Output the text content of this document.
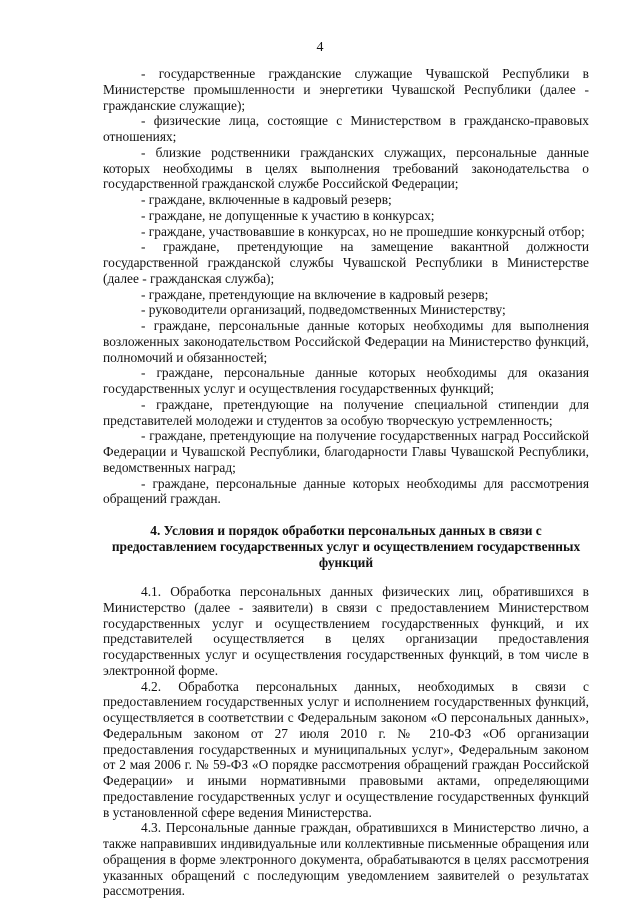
4

- государственные гражданские служащие Чувашской Республики в Министерстве промышленности и энергетики Чувашской Республики (далее - гражданские служащие);

- физические лица, состоящие с Министерством в гражданско-правовых отношениях;

- близкие родственники гражданских служащих, персональные данные которых необходимы в целях выполнения требований законодательства о государственной гражданской службе Российской Федерации;

- граждане, включенные в кадровый резерв;

- граждане, не допущенные к участию в конкурсах;

- граждане, участвовавшие в конкурсах, но не прошедшие конкурсный отбор;

- граждане, претендующие на замещение вакантной должности государственной гражданской службы Чувашской Республики в Министерстве (далее - гражданская служба);

- граждане, претендующие на включение в кадровый резерв;

- руководители организаций, подведомственных Министерству;

- граждане, персональные данные которых необходимы для выполнения возложенных законодательством Российской Федерации на Министерство функций, полномочий и обязанностей;

- граждане, персональные данные которых необходимы для оказания государственных услуг и осуществления государственных функций;

- граждане, претендующие на получение специальной стипендии для представителей молодежи и студентов за особую творческую устремленность;

- граждане, претендующие на получение государственных наград Российской Федерации и Чувашской Республики, благодарности Главы Чувашской Республики, ведомственных наград;

- граждане, персональные данные которых необходимы для рассмотрения обращений граждан.

4. Условия и порядок обработки персональных данных в связи с предоставлением государственных услуг и осуществлением государственных функций

4.1. Обработка персональных данных физических лиц, обратившихся в Министерство (далее - заявители) в связи с предоставлением Министерством государственных услуг и осуществлением государственных функций, и их представителей осуществляется в целях организации предоставления государственных услуг и осуществления государственных функций, в том числе в электронной форме.

4.2. Обработка персональных данных, необходимых в связи с предоставлением государственных услуг и исполнением государственных функций, осуществляется в соответствии с Федеральным законом «О персональных данных», Федеральным законом от 27 июля 2010 г. № 210-ФЗ «Об организации предоставления государственных и муниципальных услуг», Федеральным законом от 2 мая 2006 г. № 59-ФЗ «О порядке рассмотрения обращений граждан Российской Федерации» и иными нормативными правовыми актами, определяющими предоставление государственных услуг и осуществление государственных функций в установленной сфере ведения Министерства.

4.3. Персональные данные граждан, обратившихся в Министерство лично, а также направивших индивидуальные или коллективные письменные обращения или обращения в форме электронного документа, обрабатываются в целях рассмотрения указанных обращений с последующим уведомлением заявителей о результатах рассмотрения.
